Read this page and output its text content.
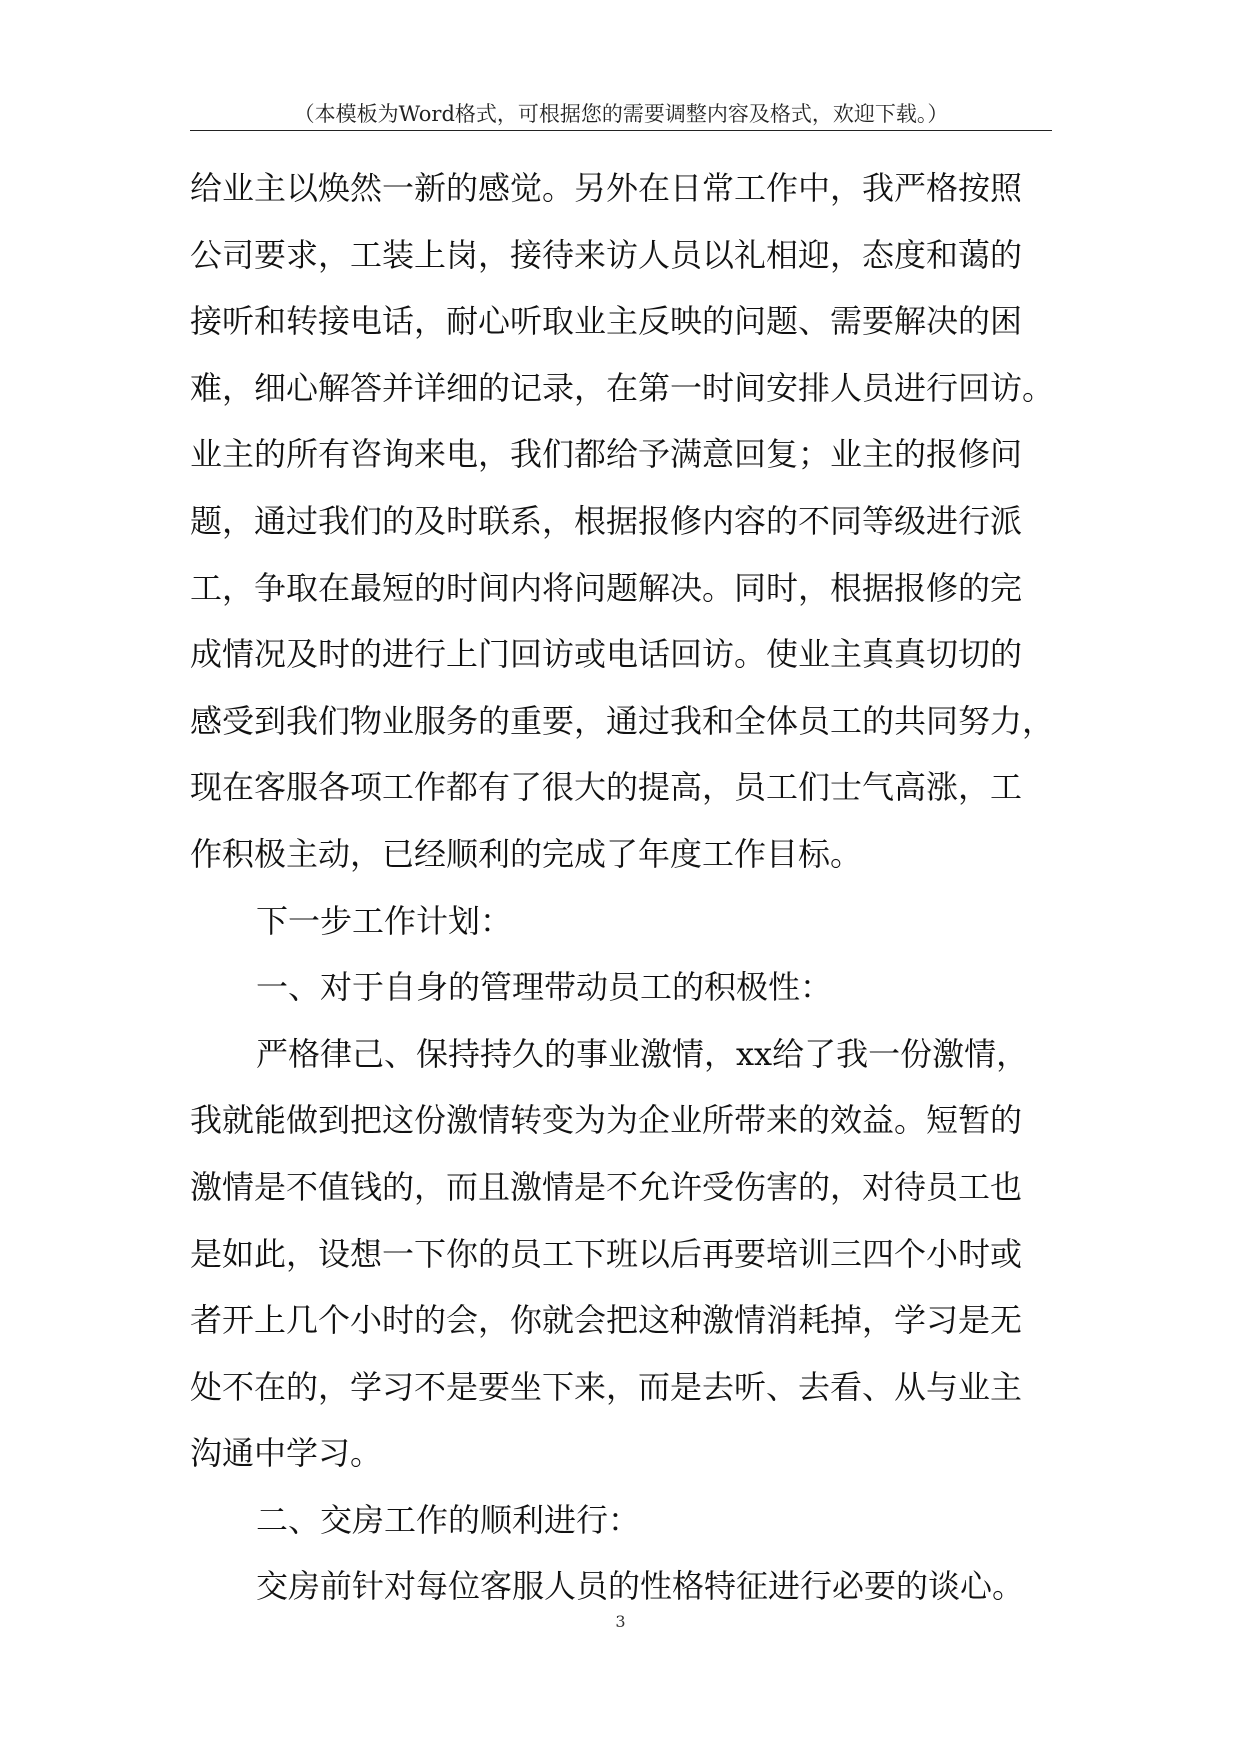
（本模板为Word格式，可根据您的需要调整内容及格式，欢迎下载。）
给业主以焕然一新的感觉。另外在日常工作中，我严格按照
公司要求，工装上岗，接待来访人员以礼相迎，态度和蔼的
接听和转接电话，耐心听取业主反映的问题、需要解决的困
难，细心解答并详细的记录，在第一时间安排人员进行回访。
业主的所有咨询来电，我们都给予满意回复；业主的报修问
题，通过我们的及时联系，根据报修内容的不同等级进行派
工，争取在最短的时间内将问题解决。同时，根据报修的完
成情况及时的进行上门回访或电话回访。使业主真真切切的
感受到我们物业服务的重要，通过我和全体员工的共同努力，
现在客服各项工作都有了很大的提高，员工们士气高涨，工
作积极主动，已经顺利的完成了年度工作目标。
下一步工作计划：
一、对于自身的管理带动员工的积极性：
严格律己、保持持久的事业激情，xx给了我一份激情，
我就能做到把这份激情转变为为企业所带来的效益。短暂的
激情是不值钱的，而且激情是不允许受伤害的，对待员工也
是如此，设想一下你的员工下班以后再要培训三四个小时或
者开上几个小时的会，你就会把这种激情消耗掉，学习是无
处不在的，学习不是要坐下来，而是去听、去看、从与业主
沟通中学习。
二、交房工作的顺利进行：
交房前针对每位客服人员的性格特征进行必要的谈心。
3
